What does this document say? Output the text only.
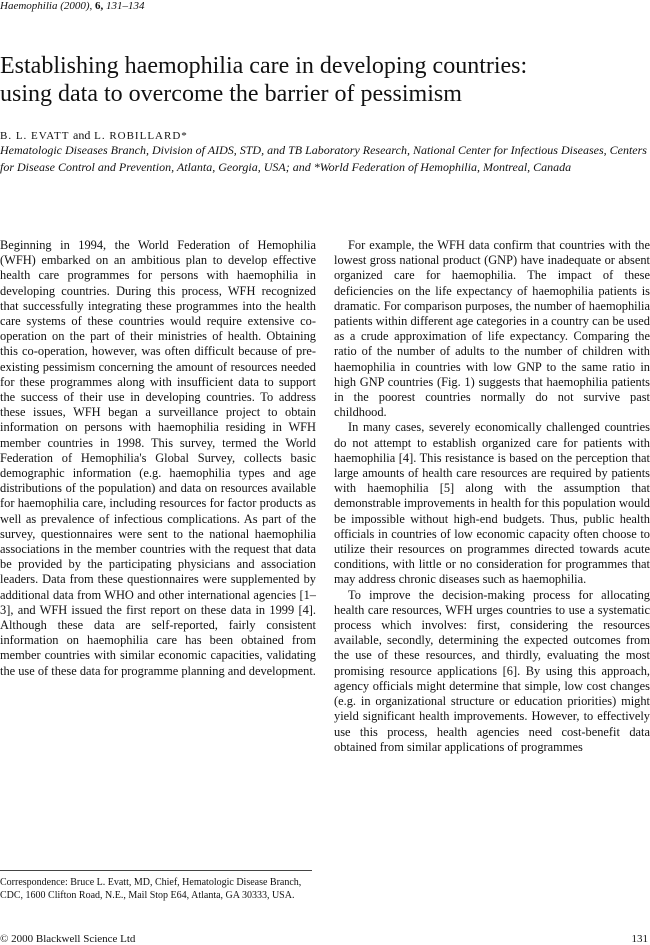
Haemophilia (2000), 6, 131–134
Establishing haemophilia care in developing countries:
using data to overcome the barrier of pessimism
B. L. EVATT and L. ROBILLARD*
Hematologic Diseases Branch, Division of AIDS, STD, and TB Laboratory Research, National Center for Infectious Diseases, Centers for Disease Control and Prevention, Atlanta, Georgia, USA; and *World Federation of Hemophilia, Montreal, Canada

Beginning in 1994, the World Federation of Hemophilia (WFH) embarked on an ambitious plan to develop effective health care programmes for persons with haemophilia in developing countries. During this process, WFH recognized that successfully integrating these programmes into the health care systems of these countries would require extensive co-operation on the part of their ministries of health. Obtaining this co-operation, however, was often difficult because of pre-existing pessimism concerning the amount of resources needed for these programmes along with insufficient data to support the success of their use in developing countries. To address these issues, WFH began a surveillance project to obtain information on persons with haemophilia residing in WFH member countries in 1998. This survey, termed the World Federation of Hemophilia's Global Survey, collects basic demographic information (e.g. haemophilia types and age distributions of the population) and data on resources available for haemophilia care, including resources for factor products as well as prevalence of infectious complications. As part of the survey, questionnaires were sent to the national haemophilia associations in the member countries with the request that data be provided by the participating physicians and association leaders. Data from these questionnaires were supplemented by additional data from WHO and other international agencies [1–3], and WFH issued the first report on these data in 1999 [4]. Although these data are self-reported, fairly consistent information on haemophilia care has been obtained from member countries with similar economic capacities, validating the use of these data for programme planning and development.

For example, the WFH data confirm that countries with the lowest gross national product (GNP) have inadequate or absent organized care for haemophilia. The impact of these deficiencies on the life expectancy of haemophilia patients is dramatic. For comparison purposes, the number of haemophilia patients within different age categories in a country can be used as a crude approximation of life expectancy. Comparing the ratio of the number of adults to the number of children with haemophilia in countries with low GNP to the same ratio in high GNP countries (Fig. 1) suggests that haemophilia patients in the poorest countries normally do not survive past childhood.

In many cases, severely economically challenged countries do not attempt to establish organized care for patients with haemophilia [4]. This resistance is based on the perception that large amounts of health care resources are required by patients with haemophilia [5] along with the assumption that demonstrable improvements in health for this population would be impossible without high-end budgets. Thus, public health officials in countries of low economic capacity often choose to utilize their resources on programmes directed towards acute conditions, with little or no consideration for programmes that may address chronic diseases such as haemophilia.

To improve the decision-making process for allocating health care resources, WFH urges countries to use a systematic process which involves: first, considering the resources available, secondly, determining the expected outcomes from the use of these resources, and thirdly, evaluating the most promising resource applications [6]. By using this approach, agency officials might determine that simple, low cost changes (e.g. in organizational structure or education priorities) might yield significant health improvements. However, to effectively use this process, health agencies need cost-benefit data obtained from similar applications of programmes

Correspondence: Bruce L. Evatt, MD, Chief, Hematologic Disease Branch, CDC, 1600 Clifton Road, N.E., Mail Stop E64, Atlanta, GA 30333, USA.
© 2000 Blackwell Science Ltd	131
